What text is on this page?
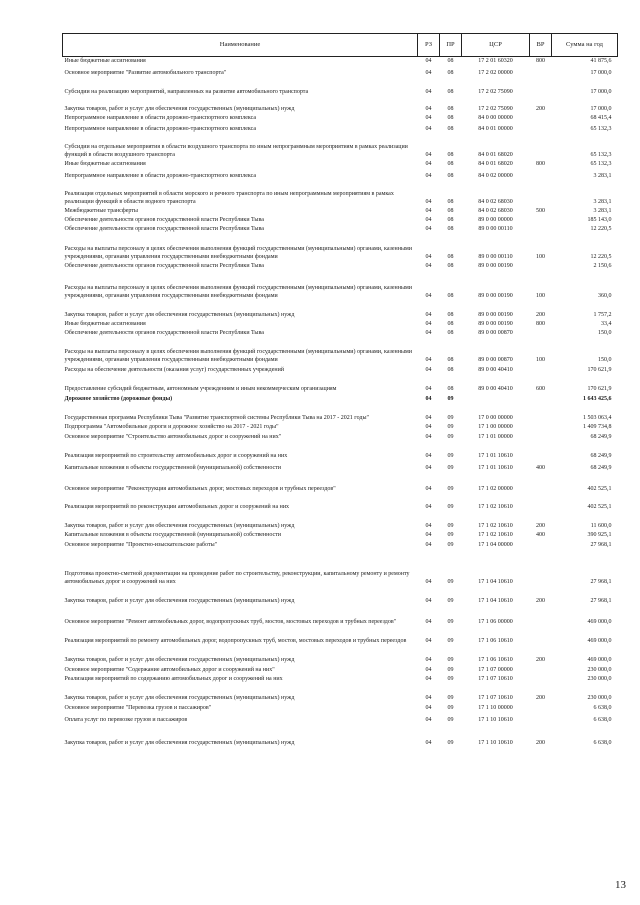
Наименование	РЗ	ПР	ЦСР	ВР	Сумма на год
Иные бюджетные ассигнования	04	08	17 2 01 60320	800	41 875,6
Основное мероприятие "Развитие автомобильного транспорта"	04	08	17 2 02 00000		17 000,0
Субсидии на реализацию мероприятий, направленных на развитие автомобильного транспорта	04	08	17 2 02 75090		17 000,0
Закупка товаров, работ и услуг для обеспечения государственных (муниципальных) нужд	04	08	17 2 02 75090	200	17 000,0
Непрограммное направление в области дорожно-транспортного комплекса	04	08	84 0 00 00000		68 415,4
Непрограммное направление в области дорожно-транспортного комплекса	04	08	84 0 01 00000		65 132,3
Субсидии на отдельные мероприятия в области воздушного транспорта по иным непрограммным мероприятиям в рамках реализации функций в области воздушного транспорта	04	08	84 0 01 68020		65 132,3
Иные бюджетные ассигнования	04	08	84 0 01 68020	800	65 132,3
Непрограммное направление в области дорожно-транспортного комплекса	04	08	84 0 02 00000		3 283,1
Реализация отдельных мероприятий в области морского и речного транспорта по иным непрограммным мероприятиям в рамках реализации функций в области водного транспорта	04	08	84 0 02 68030		3 283,1
Межбюджетные трансферты	04	08	84 0 02 68030	500	3 283,1
Обеспечение деятельности органов государственной власти Республики Тыва	04	08	89 0 00 00000		185 143,0
Обеспечение деятельности органов государственной власти Республики Тыва	04	08	89 0 00 00110		12 220,5
Расходы на выплаты персоналу в целях обеспечения выполнения функций государственными (муниципальными) органами, казенными учреждениями, органами управления государственными внебюджетными фондами	04	08	89 0 00 00110	100	12 220,5
Обеспечение деятельности органов государственной власти Республики Тыва	04	08	89 0 00 00190		2 150,6
Расходы на выплаты персоналу в целях обеспечения выполнения функций государственными (муниципальными) органами, казенными учреждениями, органами управления государственными внебюджетными фондами	04	08	89 0 00 00190	100	360,0
Закупка товаров, работ и услуг для обеспечения государственных (муниципальных) нужд	04	08	89 0 00 00190	200	1 757,2
Иные бюджетные ассигнования	04	08	89 0 00 00190	800	33,4
Обеспечение деятельности органов государственной власти Республики Тыва	04	08	89 0 00 00870		150,0
Расходы на выплаты персоналу в целях обеспечения выполнения функций государственными (муниципальными) органами, казенными учреждениями, органами управления государственными внебюджетными фондами	04	08	89 0 00 00870	100	150,0
Расходы на обеспечение деятельности (оказания услуг) государственных учреждений	04	08	89 0 00 40410		170 621,9
Предоставление субсидий бюджетным, автономным учреждениям и иным некоммерческим организациям	04	08	89 0 00 40410	600	170 621,9
Дорожное хозяйство (дорожные фонды)	04	09			1 643 425,6
Государственная программа Республики Тыва "Развитие транспортной системы Республики Тыва на 2017 - 2021 годы"	04	09	17 0 00 00000		1 503 063,4
Подпрограмма "Автомобильные дороги и дорожное хозяйство на 2017 - 2021 годы"	04	09	17 1 00 00000		1 409 734,8
Основное мероприятие "Строительство автомобильных дорог и сооружений на них"	04	09	17 1 01 00000		68 249,9
Реализация мероприятий по строительству автомобильных дорог и сооружений на них	04	09	17 1 01 10610		68 249,9
Капитальные вложения в объекты государственной (муниципальной) собственности	04	09	17 1 01 10610	400	68 249,9
Основное мероприятие "Реконструкция автомобильных дорог, мостовых переходов и трубных переездов"	04	09	17 1 02 00000		402 525,1
Реализация мероприятий по реконструкции автомобильных дорог и сооружений на них	04	09	17 1 02 10610		402 525,1
Закупка товаров, работ и услуг для обеспечения государственных (муниципальных) нужд	04	09	17 1 02 10610	200	11 600,0
Капитальные вложения в объекты государственной (муниципальной) собственности	04	09	17 1 02 10610	400	390 925,1
Основное мероприятие "Проектно-изыскательские работы"	04	09	17 1 04 00000		27 968,1
Подготовка проектно-сметной документации на проведение работ по строительству, реконструкции, капитальному ремонту и ремонту автомобильных дорог и сооружений на них	04	09	17 1 04 10610		27 968,1
Закупка товаров, работ и услуг для обеспечения государственных (муниципальных) нужд	04	09	17 1 04 10610	200	27 968,1
Основное мероприятие "Ремонт автомобильных дорог, водопропускных труб, мостов, мостовых переходов и трубных переездов"	04	09	17 1 06 00000		469 000,0
Реализация мероприятий по ремонту автомобильных дорог, водопропускных труб, мостов, мостовых переходов и трубных переездов	04	09	17 1 06 10610		469 000,0
Закупка товаров, работ и услуг для обеспечения государственных (муниципальных) нужд	04	09	17 1 06 10610	200	469 000,0
Основное мероприятие "Содержание автомобильных дорог и сооружений на них"	04	09	17 1 07 00000		230 000,0
Реализация мероприятий по содержанию автомобильных дорог и сооружений на них	04	09	17 1 07 10610		230 000,0
Закупка товаров, работ и услуг для обеспечения государственных (муниципальных) нужд	04	09	17 1 07 10610	200	230 000,0
Основное мероприятие "Перевозка грузов и пассажиров"	04	09	17 1 10 00000		6 638,0
Оплата услуг по перевозке грузов и пассажиров	04	09	17 1 10 10610		6 638,0
Закупка товаров, работ и услуг для обеспечения государственных (муниципальных) нужд	04	09	17 1 10 10610	200	6 638,0
13
